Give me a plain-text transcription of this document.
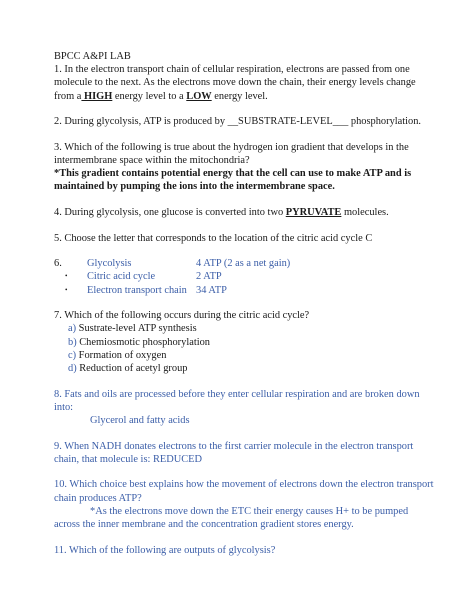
BPCC A&PI LAB

1. In the electron transport chain of cellular respiration, electrons are passed from one molecule to the next. As the electrons move down the chain, their energy levels change from a HIGH energy level to a LOW energy level.

2. During glycolysis, ATP is produced by __SUBSTRATE-LEVEL___ phosphorylation.

3. Which of the following is true about the hydrogen ion gradient that develops in the intermembrane space within the mitochondria?
*This gradient contains potential energy that the cell can use to make ATP and is maintained by pumping the ions into the intermembrane space.

4. During glycolysis, one glucose is converted into two PYRUVATE molecules.

5. Choose the letter that corresponds to the location of the citric acid cycle C

6. Glycolysis	4 ATP (2 as a net gain)
• Citric acid cycle	2 ATP
• Electron transport chain 34 ATP
7. Which of the following occurs during the citric acid cycle?
a) Sustrate-level ATP synthesis
b) Chemiosmotic phosphorylation
c) Formation of oxygen
d) Reduction of acetyl group

8. Fats and oils are processed before they enter cellular respiration and are broken down into:
Glycerol and fatty acids

9. When NADH donates electrons to the first carrier molecule in the electron transport chain, that molecule is: REDUCED

10. Which choice best explains how the movement of electrons down the electron transport chain produces ATP?

*As the electrons move down the ETC their energy causes H+ to be pumped across the inner membrane and the concentration gradient stores energy.

11. Which of the following are outputs of glycolysis?
